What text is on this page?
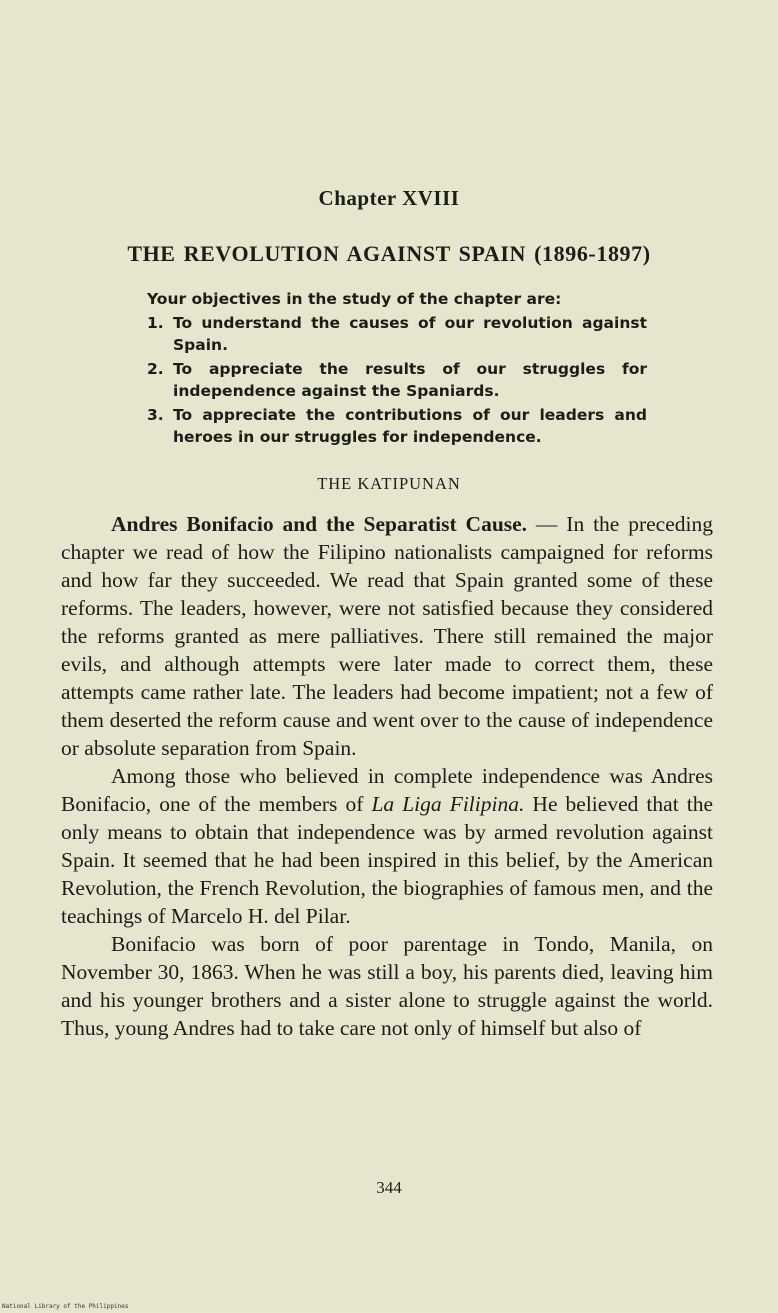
Chapter XVIII
THE REVOLUTION AGAINST SPAIN (1896-1897)

Your objectives in the study of the chapter are:

1. To understand the causes of our revolution against Spain.
2. To appreciate the results of our struggles for independence against the Spaniards.
3. To appreciate the contributions of our leaders and heroes in our struggles for independence.
THE KATIPUNAN

Andres Bonifacio and the Separatist Cause. — In the preceding chapter we read of how the Filipino nationalists campaigned for reforms and how far they succeeded. We read that Spain granted some of these reforms. The leaders, however, were not satisfied because they considered the reforms granted as mere palliatives. There still remained the major evils, and although attempts were later made to correct them, these attempts came rather late. The leaders had become impatient; not a few of them deserted the reform cause and went over to the cause of independence or absolute separation from Spain.

Among those who believed in complete independence was Andres Bonifacio, one of the members of La Liga Filipina. He believed that the only means to obtain that independence was by armed revolution against Spain. It seemed that he had been inspired in this belief, by the American Revolution, the French Revolution, the biographies of famous men, and the teachings of Marcelo H. del Pilar.

Bonifacio was born of poor parentage in Tondo, Manila, on November 30, 1863. When he was still a boy, his parents died, leaving him and his younger brothers and a sister alone to struggle against the world. Thus, young Andres had to take care not only of himself but also of

344
National Library of the Philippines
